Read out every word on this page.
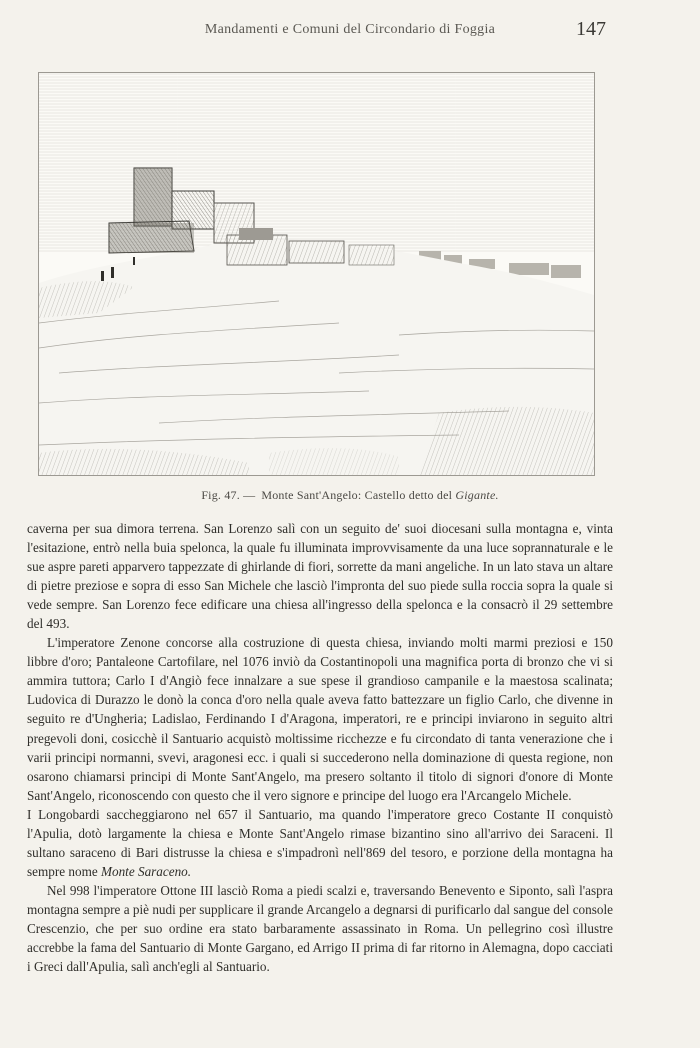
Mandamenti e Comuni del Circondario di Foggia	147
Fig. 47. — Monte Sant'Angelo: Castello detto del Gigante.

caverna per sua dimora terrena. San Lorenzo salì con un seguito de' suoi diocesani sulla montagna e, vinta l'esitazione, entrò nella buia spelonca, la quale fu illuminata improvvisamente da una luce soprannaturale e le sue aspre pareti apparvero tappezzate di ghirlande di fiori, sorrette da mani angeliche. In un lato stava un altare di pietre preziose e sopra di esso San Michele che lasciò l'impronta del suo piede sulla roccia sopra la quale si vede sempre. San Lorenzo fece edificare una chiesa all'ingresso della spelonca e la consacrò il 29 settembre del 493.

L'imperatore Zenone concorse alla costruzione di questa chiesa, inviando molti marmi preziosi e 150 libbre d'oro; Pantaleone Cartofilare, nel 1076 inviò da Costantinopoli una magnifica porta di bronzo che vi si ammira tuttora; Carlo I d'Angiò fece innalzare a sue spese il grandioso campanile e la maestosa scalinata; Ludovica di Durazzo le donò la conca d'oro nella quale aveva fatto battezzare un figlio Carlo, che divenne in seguito re d'Ungheria; Ladislao, Ferdinando I d'Aragona, imperatori, re e principi inviarono in seguito altri pregevoli doni, cosicchè il Santuario acquistò moltissime ricchezze e fu circondato di tanta venerazione che i varii principi normanni, svevi, aragonesi ecc. i quali si succederono nella dominazione di questa regione, non osarono chiamarsi principi di Monte Sant'Angelo, ma presero soltanto il titolo di signori d'onore di Monte Sant'Angelo, riconoscendo con questo che il vero signore e principe del luogo era l'Arcangelo Michele.

I Longobardi saccheggiarono nel 657 il Santuario, ma quando l'imperatore greco Costante II conquistò l'Apulia, dotò largamente la chiesa e Monte Sant'Angelo rimase bizantino sino all'arrivo dei Saraceni. Il sultano saraceno di Bari distrusse la chiesa e s'impadronì nell'869 del tesoro, e porzione della montagna ha sempre nome Monte Saraceno.

Nel 998 l'imperatore Ottone III lasciò Roma a piedi scalzi e, traversando Benevento e Siponto, salì l'aspra montagna sempre a piè nudi per supplicare il grande Arcangelo a degnarsi di purificarlo dal sangue del console Crescenzio, che per suo ordine era stato barbaramente assassinato in Roma. Un pellegrino così illustre accrebbe la fama del Santuario di Monte Gargano, ed Arrigo II prima di far ritorno in Alemagna, dopo cacciati i Greci dall'Apulia, salì anch'egli al Santuario.
